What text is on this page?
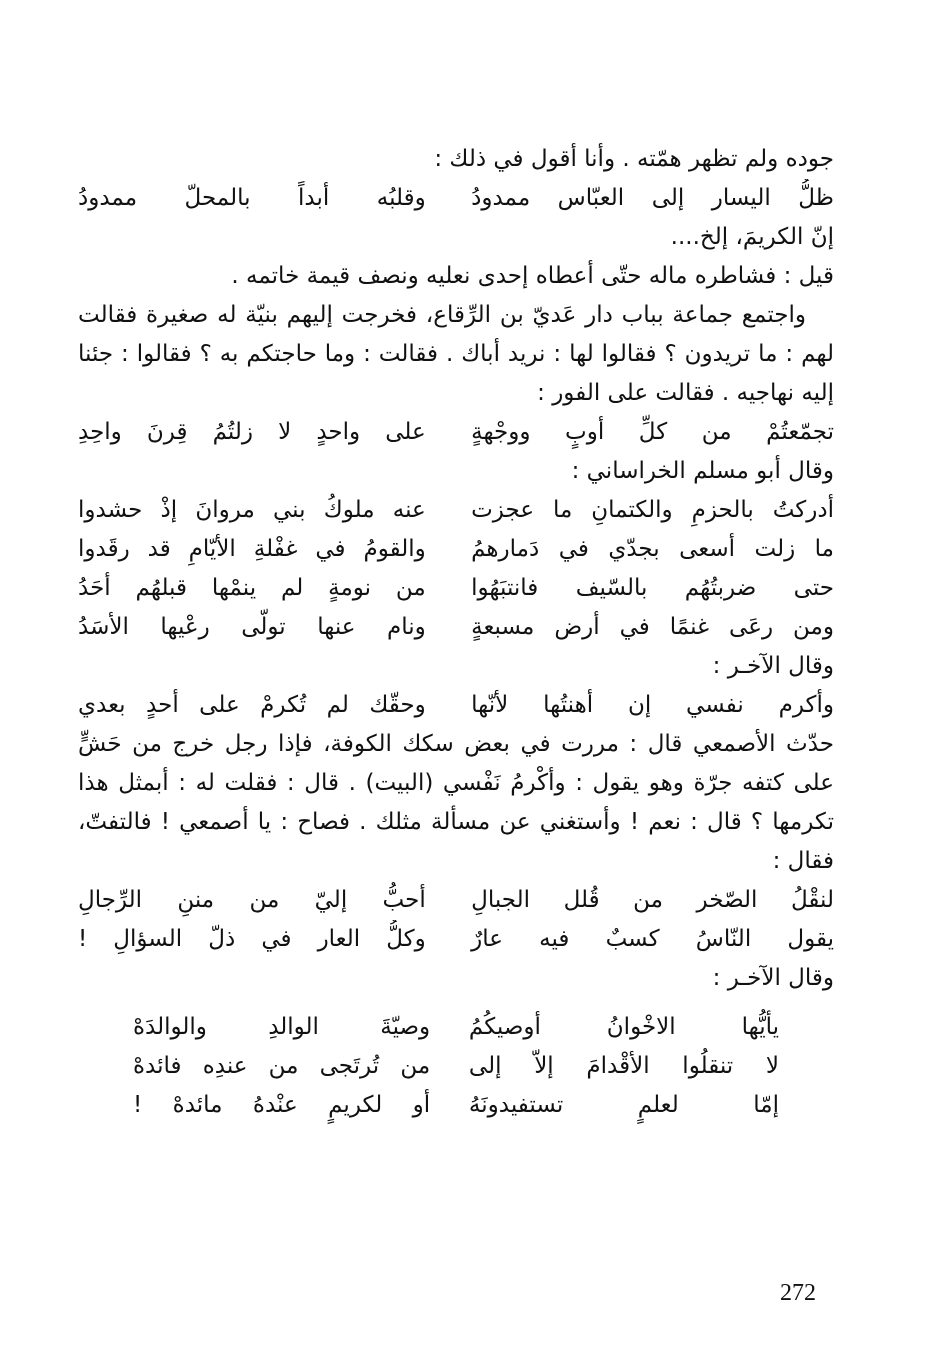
جوده ولم تظهر همّته . وأنا أقول في ذلك :
ظلُّ اليسار إلى العبّاس ممدودُ
وقلبُه أبداً بالمحلّ ممدودُ
إنّ الكريمَ، إلخ....
قيل : فشاطره ماله حتّى أعطاه إحدى نعليه ونصف قيمة خاتمه .
واجتمع جماعة بباب دار عَديّ بن الرِّقاع، فخرجت إليهم بنيّة له صغيرة فقالت لهم : ما تريدون ؟ فقالوا لها : نريد أباك . فقالت : وما حاجتكم به ؟ فقالوا : جئنا إليه نهاجيه . فقالت على الفور :
تجمّعتُمْ من كلِّ أوبٍ ووجْهةٍ
على واحدٍ لا زلتُمُ قِرنَ واحِدِ
وقال أبو مسلم الخراساني :
أدركتُ بالحزمِ والكتمانِ ما عجزت
عنه ملوكُ بني مروانَ إذْ حشدوا
ما زلت أسعى بجدّي في دَمارهمُ
والقومُ في غفْلةِ الأيّامِ قد رقَدوا
حتى ضربتُهُم بالسّيف فانتبَهُوا
من نومةٍ لم ينمْها قبلهُم أحَدُ
ومن رعَى غنمًا في أرض مسبعةٍ
ونام عنها تولّى رعْيها الأسَدُ
وقال الآخـر :
وأكرم نفسي إن أهنتُها لأنّها
وحقّك لم تُكرمْ على أحدٍ بعدي
حدّث الأصمعي قال : مررت في بعض سكك الكوفة، فإذا رجل خرج من حَشٍّ على كتفه جرّة وهو يقول : وأكْرمُ نَفْسي (البيت) . قال : فقلت له : أبمثل هذا تكرمها ؟ قال : نعم ! وأستغني عن مسألة مثلك . فصاح : يا أصمعي ! فالتفتّ، فقال :
لنقْلُ الصّخر من قُلل الجبالِ
أحبُّ إليّ من مننِ الرِّجالِ
يقول النّاسُ كسبٌ فيه عارٌ
وكلُّ العار في ذلّ السؤالِ !
وقال الآخـر :
يأيُّها الاخْوانُ أوصيكُمُ
وصيّةَ الوالدِ والوالدَهْ
لا تنقلُوا الأقْدامَ إلاّ إلى
من تُرتَجى من عندِه فائدهْ
إمّا لعلمٍ تستفيدونَهُ
أو لكريمٍ عنْدهُ مائدهْ !
272
